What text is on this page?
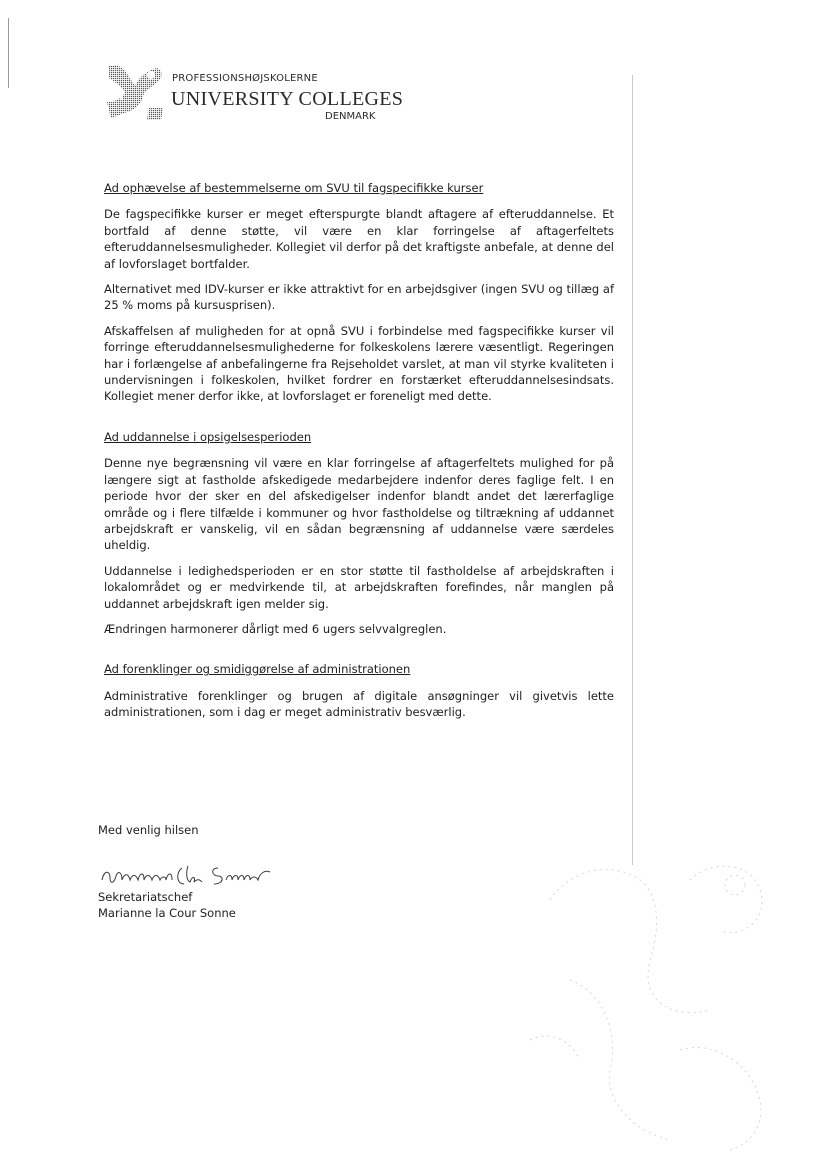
PROFESSIONSHØJSKOLERNE
UNIVERSITY COLLEGES
DENMARK
Ad ophævelse af bestemmelserne om SVU til fagspecifikke kurser

De fagspecifikke kurser er meget efterspurgte blandt aftagere af efteruddannelse. Et bortfald af denne støtte, vil være en klar forringelse af aftagerfeltets efteruddannelsesmuligheder. Kollegiet vil derfor på det kraftigste anbefale, at denne del af lovforslaget bortfalder.

Alternativet med IDV-kurser er ikke attraktivt for en arbejdsgiver (ingen SVU og tillæg af 25 % moms på kursusprisen).

Afskaffelsen af muligheden for at opnå SVU i forbindelse med fagspecifikke kurser vil forringe efteruddannelsesmulighederne for folkeskolens lærere væsentligt. Regeringen har i forlængelse af anbefalingerne fra Rejseholdet varslet, at man vil styrke kvaliteten i undervisningen i folkeskolen, hvilket fordrer en forstærket efteruddannelsesindsats. Kollegiet mener derfor ikke, at lovforslaget er foreneligt med dette.

Ad uddannelse i opsigelsesperioden

Denne nye begrænsning vil være en klar forringelse af aftagerfeltets mulighed for på længere sigt at fastholde afskedigede medarbejdere indenfor deres faglige felt. I en periode hvor der sker en del afskedigelser indenfor blandt andet det lærerfaglige område og i flere tilfælde i kommuner og hvor fastholdelse og tiltrækning af uddannet arbejdskraft er vanskelig, vil en sådan begrænsning af uddannelse være særdeles uheldig.

Uddannelse i ledighedsperioden er en stor støtte til fastholdelse af arbejdskraften i lokalområdet og er medvirkende til, at arbejdskraften forefindes, når manglen på uddannet arbejdskraft igen melder sig.

Ændringen harmonerer dårligt med 6 ugers selvvalgreglen.

Ad forenklinger og smidiggørelse af administrationen

Administrative forenklinger og brugen af digitale ansøgninger vil givetvis lette administrationen, som i dag er meget administrativ besværlig.

Med venlig hilsen
Sekretariatschef
Marianne la Cour Sonne
